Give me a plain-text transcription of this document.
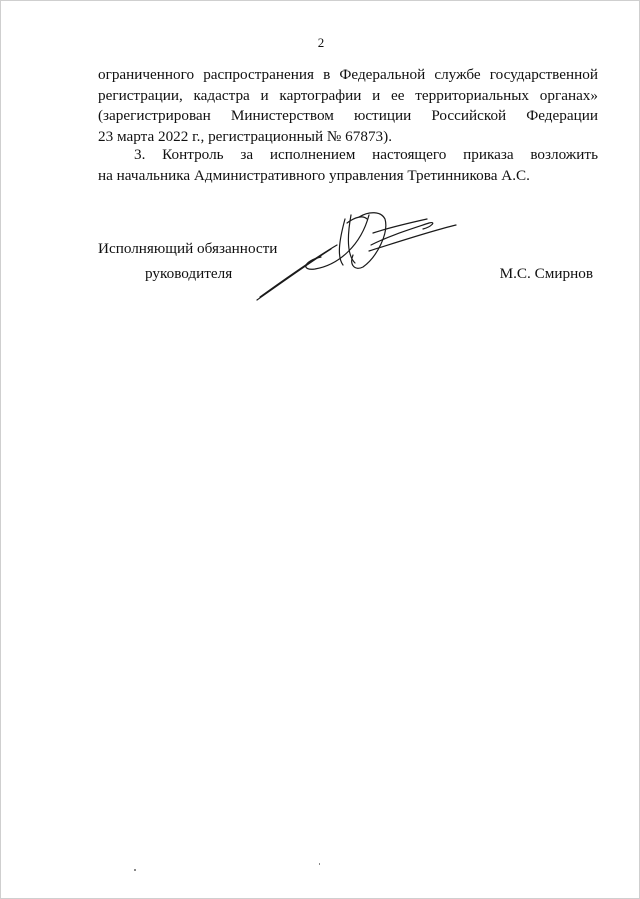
2
ограниченного распространения в Федеральной службе государственной
регистрации, кадастра и картографии и ее территориальных органах»
(зарегистрирован Министерством юстиции Российской Федерации
23 марта 2022 г., регистрационный № 67873).
3. Контроль за исполнением настоящего приказа возложить
на начальника Административного управления Третинникова А.С.
Исполняющий обязанности
руководителя	М.С. Смирнов
